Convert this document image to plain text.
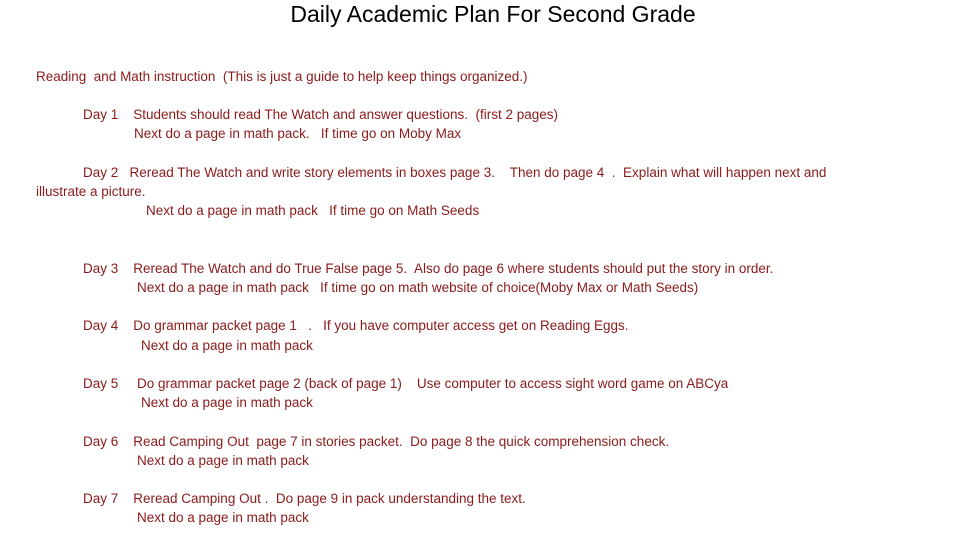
Daily Academic Plan For Second Grade
Reading  and Math instruction  (This is just a guide to help keep things organized.)
Day 1    Students should read The Watch and answer questions.  (first 2 pages)
Next do a page in math pack.   If time go on Moby Max
Day 2   Reread The Watch and write story elements in boxes page 3.    Then do page 4  .  Explain what will happen next and
illustrate a picture.
Next do a page in math pack   If time go on Math Seeds
Day 3    Reread The Watch and do True False page 5.  Also do page 6 where students should put the story in order.
Next do a page in math pack   If time go on math website of choice(Moby Max or Math Seeds)
Day 4    Do grammar packet page 1   .   If you have computer access get on Reading Eggs.
Next do a page in math pack
Day 5     Do grammar packet page 2 (back of page 1)    Use computer to access sight word game on ABCya
Next do a page in math pack
Day 6    Read Camping Out  page 7 in stories packet.  Do page 8 the quick comprehension check.
Next do a page in math pack
Day 7    Reread Camping Out .  Do page 9 in pack understanding the text.
Next do a page in math pack
